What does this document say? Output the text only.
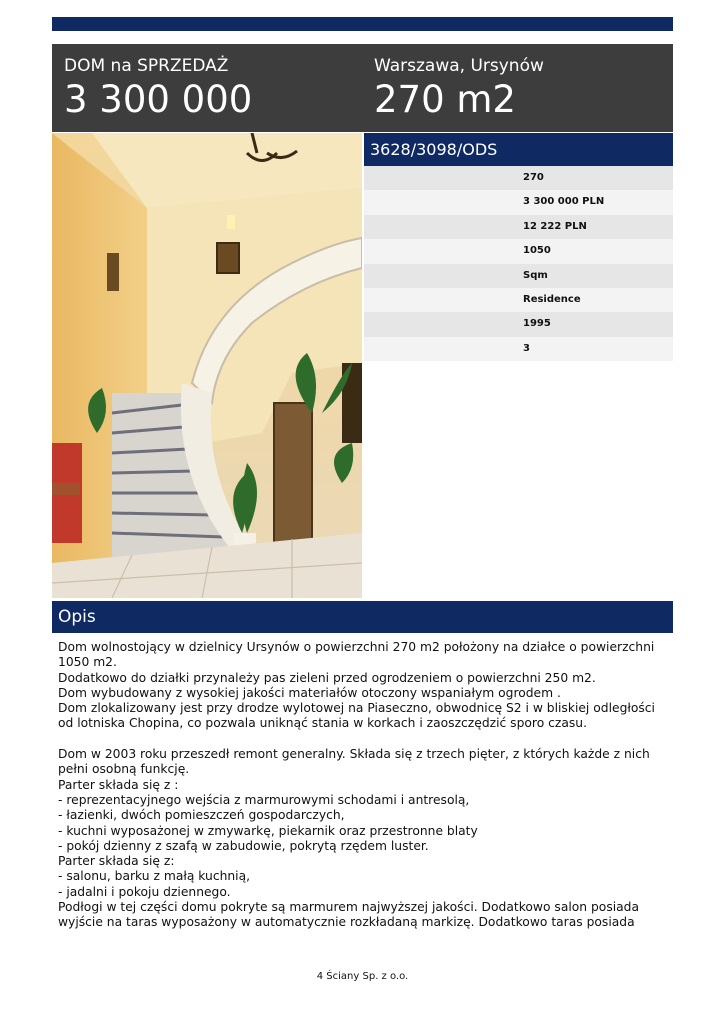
DOM na SPRZEDAŻ
3 300 000
Warszawa, Ursynów
270 m2
3628/3098/ODS
270
3 300 000 PLN
12 222 PLN
1050
Sqm
Residence
1995
3
Opis
Dom wolnostojący w dzielnicy Ursynów o powierzchni 270 m2 położony na działce o powierzchni
1050 m2.
Dodatkowo do działki przynależy pas zieleni przed ogrodzeniem o powierzchni 250 m2.
Dom wybudowany z wysokiej jakości materiałów otoczony wspaniałym ogrodem .
Dom zlokalizowany jest przy drodze wylotowej na Piaseczno, obwodnicę S2 i w bliskiej odległości
od lotniska Chopina, co pozwala uniknąć stania w korkach i zaoszczędzić sporo czasu.
Dom w 2003 roku przeszedł remont generalny. Składa się z trzech pięter, z których każde z nich
pełni osobną funkcję.
Parter składa się z :
- reprezentacyjnego wejścia z marmurowymi schodami i antresolą,
- łazienki, dwóch pomieszczeń gospodarczych,
- kuchni wyposażonej w zmywarkę, piekarnik oraz przestronne blaty
- pokój dzienny z szafą w zabudowie, pokrytą rzędem luster.
Parter składa się z:
- salonu, barku z małą kuchnią,
- jadalni i pokoju dziennego.
Podłogi w tej części domu pokryte są marmurem najwyższej jakości. Dodatkowo salon posiada
wyjście na taras wyposażony w automatycznie rozkładaną markizę. Dodatkowo taras posiada
4 Ściany Sp. z o.o.
